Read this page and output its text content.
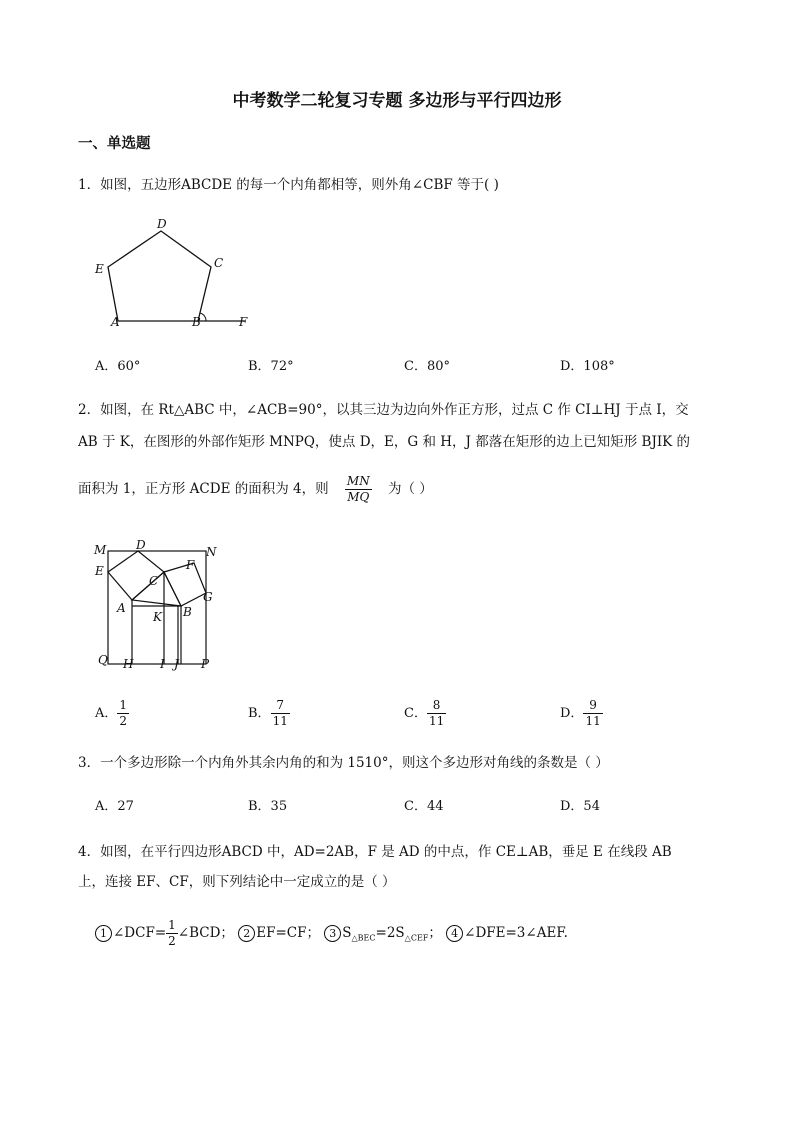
中考数学二轮复习专题 多边形与平行四边形
一、单选题
1．如图，五边形ABCDE 的每一个内角都相等，则外角∠CBF 等于( )
D
C
E
A	B	F
A．60°	B．72°	C．80°	D．108°
2．如图，在 Rt△ABC 中，∠ACB=90°，以其三边为边向外作正方形，过点 C 作 CI⊥HJ 于点 I，交
AB 于 K，在图形的外部作矩形 MNPQ，使点 D，E，G 和 H，J 都落在矩形的边上已知矩形 BJIK 的
面积为 1，正方形 ACDE 的面积为 4，则 $\frac{MN}{MQ}$ 为（ ）
M D	N
E
C
F
G
A	B
K
Q H I J P
A． $\frac{1}{2}$	B． $\frac{7}{11}$	C． $\frac{8}{11}$	D． $\frac{9}{11}$
3．一个多边形除一个内角外其余内角的和为 1510°，则这个多边形对角线的条数是（ ）
A．27	B．35	C．44	D．54
4．如图，在平行四边形ABCD 中，AD=2AB，F 是 AD 的中点，作 CE⊥AB，垂足 E 在线段 AB
上，连接 EF、CF，则下列结论中一定成立的是（ ）
1 ∠DCF= $\frac{1}{2}$ ∠BCD； 2 EF=CF； 3 $S_{\triangle BEC}=2S_{\triangle CEF}$； 4 ∠DFE=3∠AEF.
